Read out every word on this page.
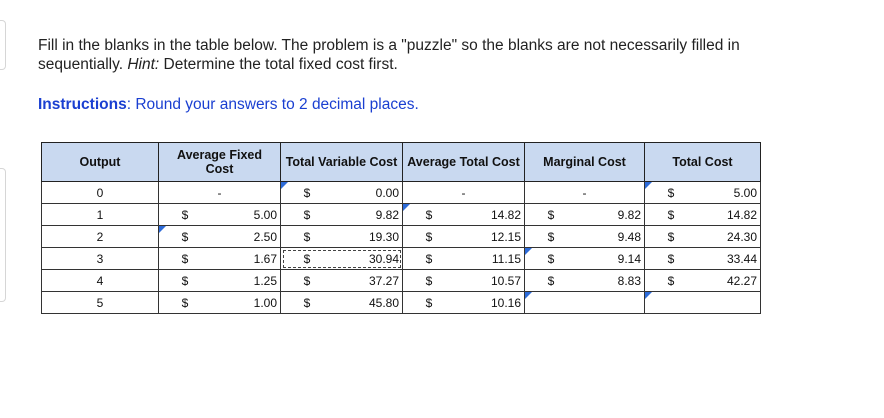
Fill in the blanks in the table below. The problem is a "puzzle" so the blanks are not necessarily filled in
sequentially. Hint: Determine the total fixed cost first.
Instructions: Round your answers to 2 decimal places.
Output	Average Fixed Cost	Total Variable Cost	Average Total Cost	Marginal Cost	Total Cost
0	-	$ 0.00	-	-	$ 5.00

1	$ 5.00	$ 9.82	$ 14.82	$ 9.82	$ 14.82

2	$ 2.50	$ 19.30	$ 12.15	$ 9.48	$ 24.30

3	$ 1.67	$ 30.94	$ 11.15	$ 9.14	$ 33.44

4	$ 1.25	$ 37.27	$ 10.57	$ 8.83	$ 42.27

5	$ 1.00	$ 45.80	$ 10.16		
